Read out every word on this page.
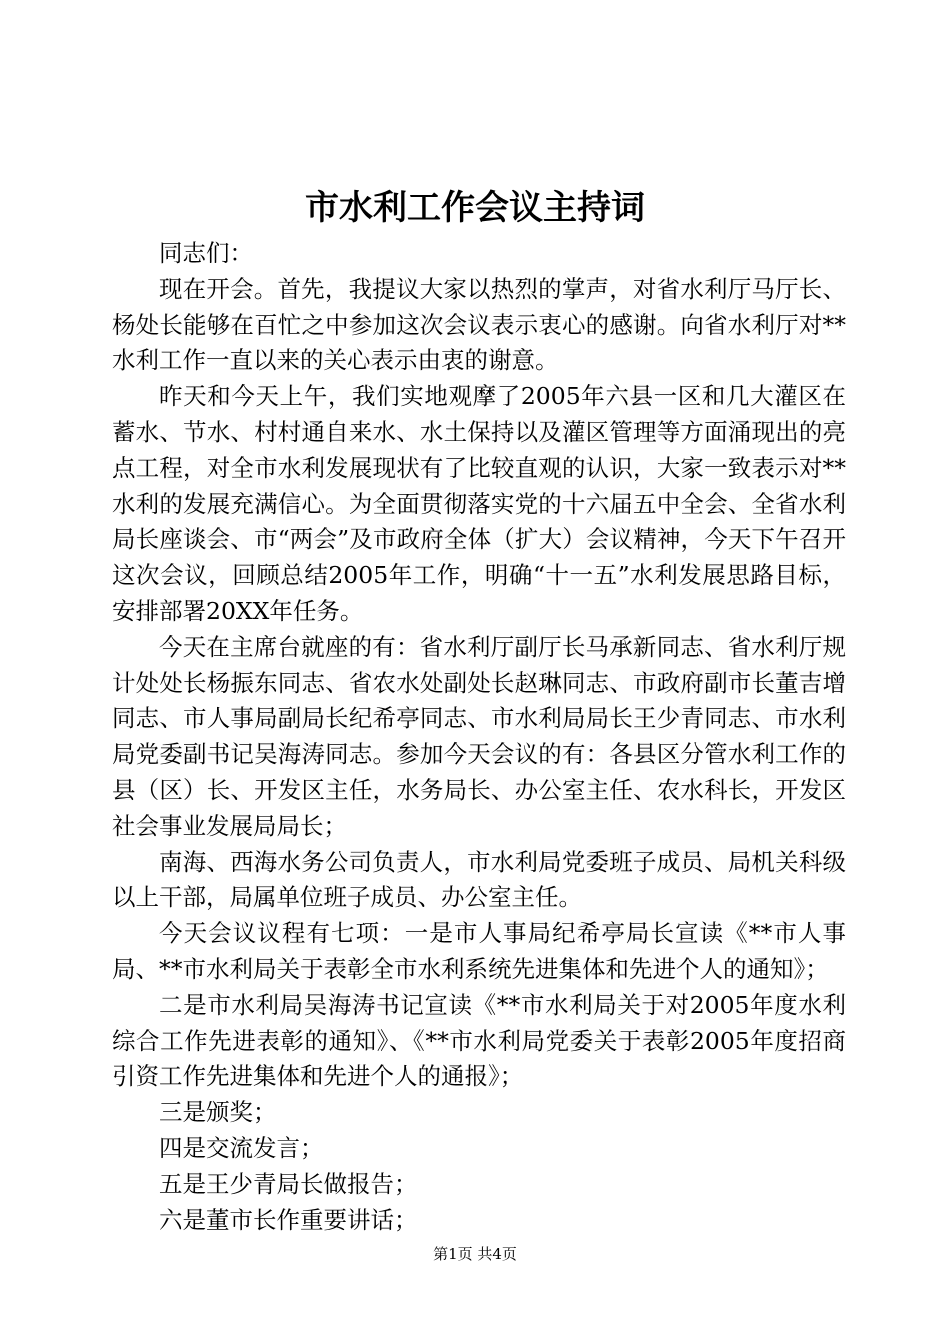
市水利工作会议主持词

同志们：

现在开会。首先，我提议大家以热烈的掌声，对省水利厅马厅长、杨处长能够在百忙之中参加这次会议表示衷心的感谢。向省水利厅对**水利工作一直以来的关心表示由衷的谢意。

昨天和今天上午，我们实地观摩了2005年六县一区和几大灌区在蓄水、节水、村村通自来水、水土保持以及灌区管理等方面涌现出的亮点工程，对全市水利发展现状有了比较直观的认识，大家一致表示对**水利的发展充满信心。为全面贯彻落实党的十六届五中全会、全省水利局长座谈会、市“两会”及市政府全体（扩大）会议精神，今天下午召开这次会议，回顾总结2005年工作，明确“十一五”水利发展思路目标，安排部署20XX年任务。

今天在主席台就座的有：省水利厅副厅长马承新同志、省水利厅规计处处长杨振东同志、省农水处副处长赵琳同志、市政府副市长董吉增同志、市人事局副局长纪希亭同志、市水利局局长王少青同志、市水利局党委副书记吴海涛同志。参加今天会议的有：各县区分管水利工作的县（区）长、开发区主任，水务局长、办公室主任、农水科长，开发区社会事业发展局局长；

南海、西海水务公司负责人，市水利局党委班子成员、局机关科级以上干部，局属单位班子成员、办公室主任。

今天会议议程有七项：一是市人事局纪希亭局长宣读《**市人事局、**市水利局关于表彰全市水利系统先进集体和先进个人的通知》；

二是市水利局吴海涛书记宣读《**市水利局关于对2005年度水利综合工作先进表彰的通知》、《**市水利局党委关于表彰2005年度招商引资工作先进集体和先进个人的通报》；

三是颁奖；

四是交流发言；

五是王少青局长做报告；

六是董市长作重要讲话；

第1页 共4页
